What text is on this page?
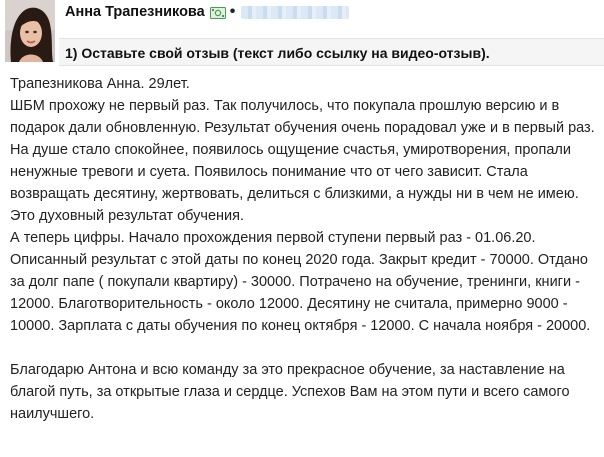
Анна Трапезникова •
1) Оставьте свой отзыв (текст либо ссылку на видео-отзыв).

Трапезникова Анна. 29лет.
ШБМ прохожу не первый раз. Так получилось, что покупала прошлую версию и в подарок дали обновленную. Результат обучения очень порадовал уже и в первый раз. На душе стало спокойнее, появилось ощущение счастья, умиротворения, пропали ненужные тревоги и суета. Появилось понимание что от чего зависит. Стала возвращать десятину, жертвовать, делиться с близкими, а нужды ни в чем не имею. Это духовный результат обучения.
А теперь цифры. Начало прохождения первой ступени первый раз - 01.06.20. Описанный результат с этой даты по конец 2020 года. Закрыт кредит - 70000. Отдано за долг папе ( покупали квартиру) - 30000. Потрачено на обучение, тренинги, книги - 12000. Благотворительность - около 12000. Десятину не считала, примерно 9000 - 10000. Зарплата с даты обучения по конец октября - 12000. С начала ноября - 20000.

Благодарю Антона и всю команду за это прекрасное обучение, за наставление на благой путь, за открытые глаза и сердце. Успехов Вам на этом пути и всего самого наилучшего.
